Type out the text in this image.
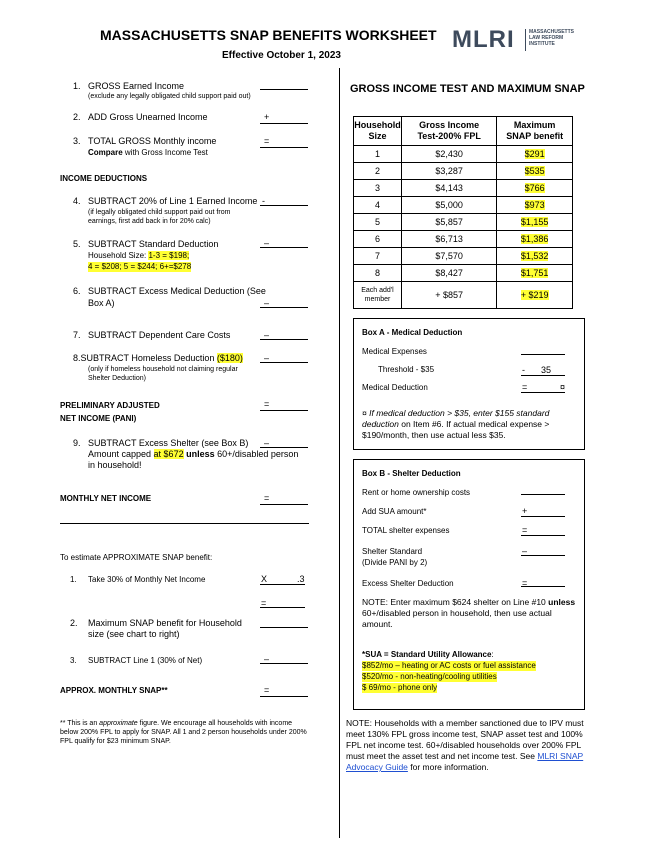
MASSACHUSETTS SNAP BENEFITS WORKSHEET
Effective October 1, 2023
MLRI	MASSACHUSETTS
LAW REFORM
INSTITUTE
1. GROSS Earned Income
(exclude any legally obligated child support paid out)
2. ADD Gross Unearned Income	+
3. TOTAL GROSS Monthly income
Compare with Gross Income Test
=
INCOME DEDUCTIONS
4. SUBTRACT 20% of Line 1 Earned Income
(if legally obligated child support paid out from
earnings, first add back in for 20% calc)
-
5. SUBTRACT Standard Deduction
Household Size: 1-3 = $198;
4 = $208; 5 = $244; 6+=$278
–
6. SUBTRACT Excess Medical Deduction (See
Box A)	–
7. SUBTRACT Dependent Care Costs	–
8.SUBTRACT Homeless Deduction ($180)
(only if homeless household not claiming regular
Shelter Deduction)
–
PRELIMINARY ADJUSTED
NET INCOME (PANI)
=
9. SUBTRACT Excess Shelter (see Box B)
Amount capped at $672 unless 60+/disabled person
in household!
–
MONTHLY NET INCOME	=
To estimate APPROXIMATE SNAP benefit:
1. Take 30% of Monthly Net Income	X	.3
=
2. Maximum SNAP benefit for Household
size (see chart to right)
3. SUBTRACT Line 1 (30% of Net)	–
APPROX. MONTHLY SNAP**	=
** This is an approximate figure. We encourage all households with income below 200% FPL to apply for SNAP. All 1 and 2 person households under 200% FPL qualify for $23 minimum SNAP.
GROSS INCOME TEST AND MAXIMUM SNAP
Household
Size	Gross Income
Test-200% FPL	Maximum
SNAP benefit
1	$2,430	$291
2	$3,287	$535
3	$4,143	$766
4	$5,000	$973
5	$5,857	$1,155
6	$6,713	$1,386
7	$7,570	$1,532
8	$8,427	$1,751
Each add'l
member	+ $857	+ $219
Box A - Medical Deduction
Medical Expenses
Threshold - $35	- 35
Medical Deduction	=	¤
¤ If medical deduction > $35, enter $155 standard deduction on Item #6. If actual medical expense > $190/month, then use actual less $35.
Box B - Shelter Deduction
Rent or home ownership costs
Add SUA amount*	+
TOTAL shelter expenses	=
Shelter Standard
(Divide PANI by 2)
–
Excess Shelter Deduction	=
NOTE: Enter maximum $624 shelter on Line #10 unless 60+/disabled person in household, then use actual amount.
*SUA = Standard Utility Allowance:
$852/mo – heating or AC costs or fuel assistance
$520/mo - non-heating/cooling utilities
$ 69/mo - phone only
NOTE: Households with a member sanctioned due to IPV must meet 130% FPL gross income test, SNAP asset test and 100% FPL net income test. 60+/disabled households over 200% FPL must meet the asset test and net income test. See MLRI SNAP Advocacy Guide for more information.
